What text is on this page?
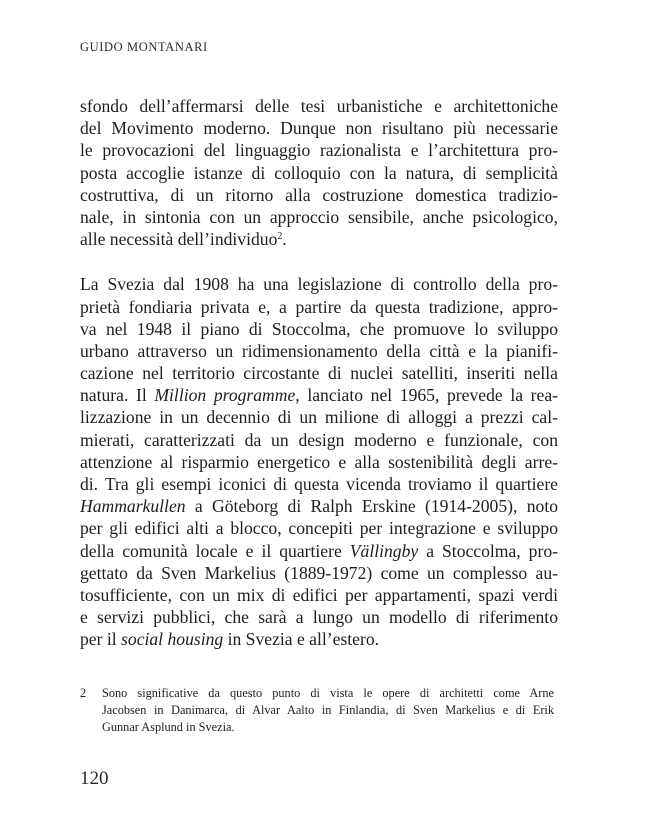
GUIDO MONTANARI
sfondo dell’affermarsi delle tesi urbanistiche e architettoniche
del Movimento moderno. Dunque non risultano più necessarie
le provocazioni del linguaggio razionalista e l’architettura pro-
posta accoglie istanze di colloquio con la natura, di semplicità
costruttiva, di un ritorno alla costruzione domestica tradizio-
nale, in sintonia con un approccio sensibile, anche psicologico,
alle necessità dell’individuo$^2$.
La Svezia dal 1908 ha una legislazione di controllo della pro-
prietà fondiaria privata e, a partire da questa tradizione, appro-
va nel 1948 il piano di Stoccolma, che promuove lo sviluppo
urbano attraverso un ridimensionamento della città e la pianifi-
cazione nel territorio circostante di nuclei satelliti, inseriti nella
natura. Il Million programme, lanciato nel 1965, prevede la rea-
lizzazione in un decennio di un milione di alloggi a prezzi cal-
mierati, caratterizzati da un design moderno e funzionale, con
attenzione al risparmio energetico e alla sostenibilità degli arre-
di. Tra gli esempi iconici di questa vicenda troviamo il quartiere
Hammarkullen a Göteborg di Ralph Erskine (1914-2005), noto
per gli edifici alti a blocco, concepiti per integrazione e sviluppo
della comunità locale e il quartiere Vällingby a Stoccolma, pro-
gettato da Sven Markelius (1889-1972) come un complesso au-
tosufficiente, con un mix di edifici per appartamenti, spazi verdi
e servizi pubblici, che sarà a lungo un modello di riferimento
per il social housing in Svezia e all’estero.
2 Sono significative da questo punto di vista le opere di architetti come Arne
Jacobsen in Danimarca, di Alvar Aalto in Finlandia, di Sven Markelius e di Erik
Gunnar Asplund in Svezia.
120
